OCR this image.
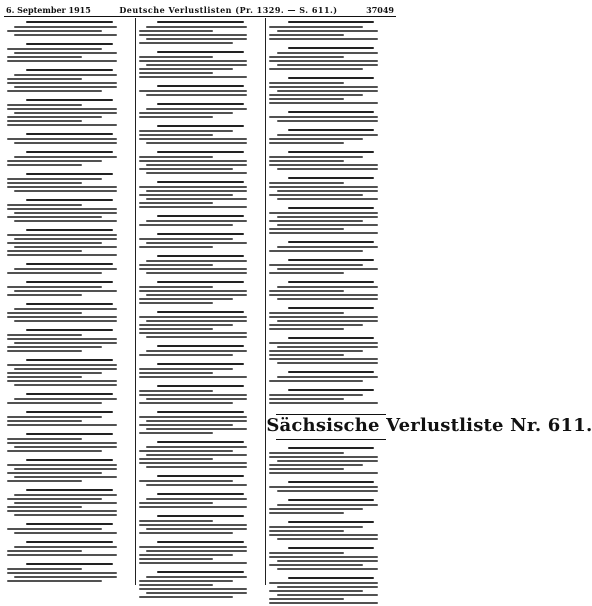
6. September 1915	Deutsche Verlustlisten (Pr. 1329. — S. 611.)	37049
Sächsische Verlustliste Nr. 611.
